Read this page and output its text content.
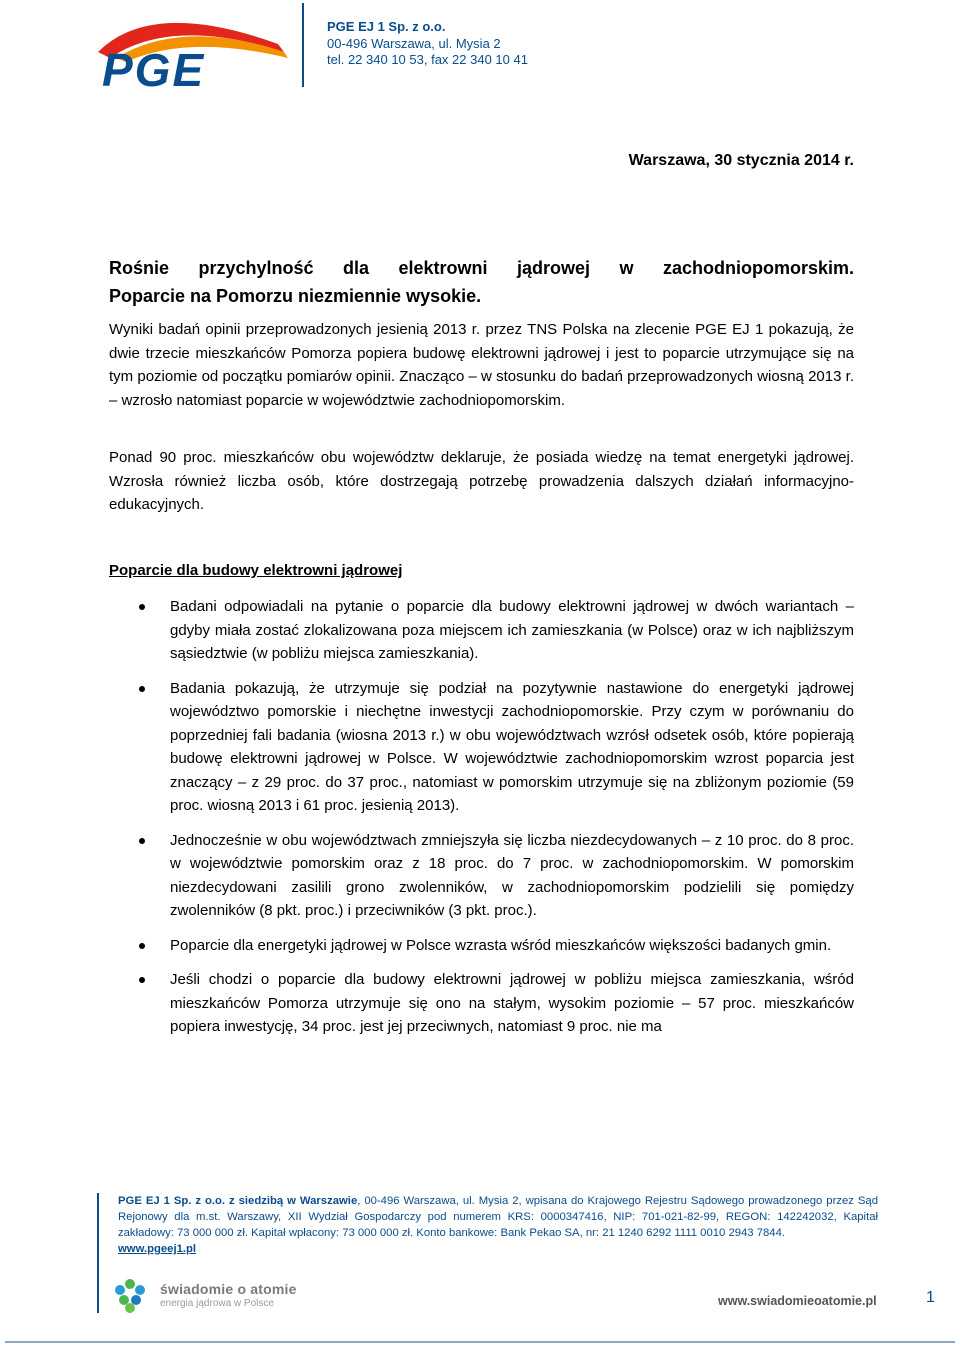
PGE
PGE EJ 1 Sp. z o.o.
00-496 Warszawa, ul. Mysia 2
tel. 22 340 10 53, fax 22 340 10 41
Warszawa, 30 stycznia 2014 r.
Rośnie przychylność dla elektrowni jądrowej w zachodniopomorskim.
Poparcie na Pomorzu niezmiennie wysokie.

Wyniki badań opinii przeprowadzonych jesienią 2013 r. przez TNS Polska na zlecenie PGE EJ 1 pokazują, że dwie trzecie mieszkańców Pomorza popiera budowę elektrowni jądrowej i jest to poparcie utrzymujące się na tym poziomie od początku pomiarów opinii. Znacząco – w stosunku do badań przeprowadzonych wiosną 2013 r. – wzrosło natomiast poparcie w województwie zachodniopomorskim.

Ponad 90 proc. mieszkańców obu województw deklaruje, że posiada wiedzę na temat energetyki jądrowej. Wzrosła również liczba osób, które dostrzegają potrzebę prowadzenia dalszych działań informacyjno-edukacyjnych.

Poparcie dla budowy elektrowni jądrowej
Badani odpowiadali na pytanie o poparcie dla budowy elektrowni jądrowej w dwóch wariantach – gdyby miała zostać zlokalizowana poza miejscem ich zamieszkania (w Polsce) oraz w ich najbliższym sąsiedztwie (w pobliżu miejsca zamieszkania).
Badania pokazują, że utrzymuje się podział na pozytywnie nastawione do energetyki jądrowej województwo pomorskie i niechętne inwestycji zachodniopomorskie. Przy czym w porównaniu do poprzedniej fali badania (wiosna 2013 r.) w obu województwach wzrósł odsetek osób, które popierają budowę elektrowni jądrowej w Polsce. W województwie zachodniopomorskim wzrost poparcia jest znaczący – z 29 proc. do 37 proc., natomiast w pomorskim utrzymuje się na zbliżonym poziomie (59 proc. wiosną 2013 i 61 proc. jesienią 2013).
Jednocześnie w obu województwach zmniejszyła się liczba niezdecydowanych – z 10 proc. do 8 proc. w województwie pomorskim oraz z 18 proc. do 7 proc. w zachodniopomorskim. W pomorskim niezdecydowani zasilili grono zwolenników, w zachodniopomorskim podzielili się pomiędzy zwolenników (8 pkt. proc.) i przeciwników (3 pkt. proc.).
Poparcie dla energetyki jądrowej w Polsce wzrasta wśród mieszkańców większości badanych gmin.
Jeśli chodzi o poparcie dla budowy elektrowni jądrowej w pobliżu miejsca zamieszkania, wśród mieszkańców Pomorza utrzymuje się ono na stałym, wysokim poziomie – 57 proc. mieszkańców popiera inwestycję, 34 proc. jest jej przeciwnych, natomiast 9 proc. nie ma
PGE EJ 1 Sp. z o.o. z siedzibą w Warszawie, 00-496 Warszawa, ul. Mysia 2, wpisana do Krajowego Rejestru Sądowego prowadzonego przez Sąd Rejonowy dla m.st. Warszawy, XII Wydział Gospodarczy pod numerem KRS: 0000347416, NIP: 701-021-82-99, REGON: 142242032, Kapitał zakładowy: 73 000 000 zł. Kapitał wpłacony: 73 000 000 zł. Konto bankowe: Bank Pekao SA, nr: 21 1240 6292 1111 0010 2943 7844.
www.pgeej1.pl
świadomie o atomie
energia jądrowa w Polsce	www.swiadomieoatomie.pl	1
